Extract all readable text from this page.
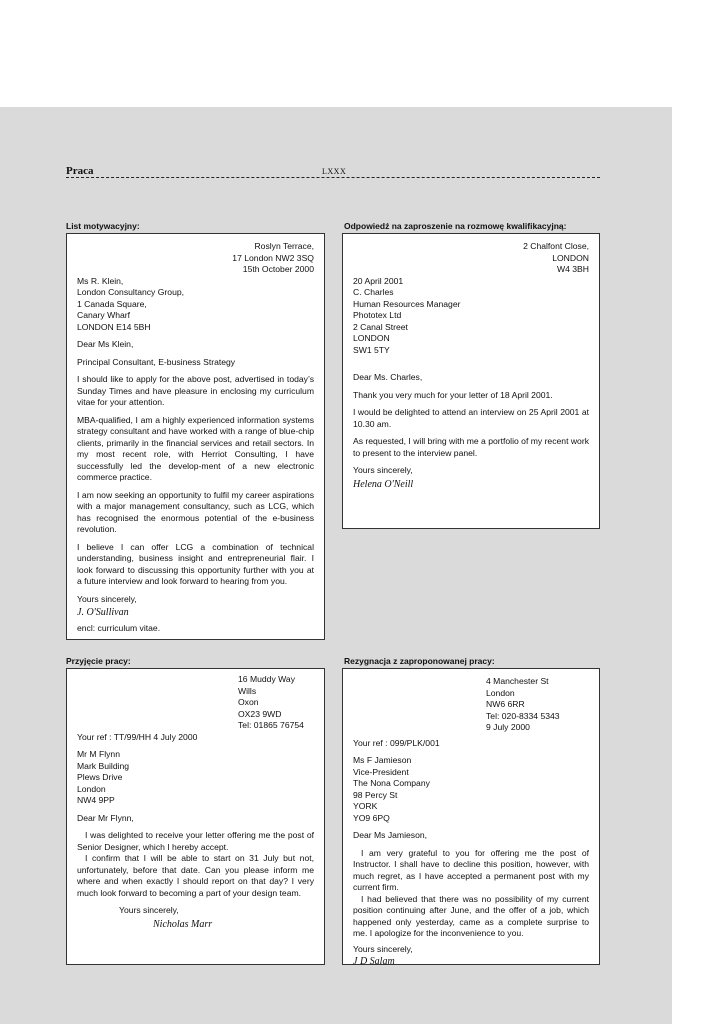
Praca	LXXX
List motywacyjny:

Roslyn Terrace,

17 London NW2 3SQ

15th October 2000

Ms R. Klein,

London Consultancy Group,

1 Canada Square,

Canary Wharf

LONDON E14 5BH

Dear Ms Klein,

Principal Consultant, E-business Strategy

I should like to apply for the above post, advertised in today’s Sunday Times and have pleasure in enclosing my curriculum vitae for your attention.

MBA-qualified, I am a highly experienced information systems strategy consultant and have worked with a range of blue-chip clients, primarily in the financial services and retail sectors. In my most recent role, with Herriot Consulting, I have successfully led the develop-ment of a new electronic commerce practice.

I am now seeking an opportunity to fulfil my career aspirations with a major management consultancy, such as LCG, which has recognised the enormous potential of the e-business revolution.

I believe I can offer LCG a combination of technical understanding, business insight and entrepreneurial flair. I look forward to discussing this opportunity further with you at a future interview and look forward to hearing from you.

Yours sincerely,

J. O'Sullivan

encl: curriculum vitae.

Odpowiedź na zaproszenie na rozmowę kwalifikacyjną:

2 Chalfont Close,

LONDON

W4 3BH

20 April 2001

C. Charles

Human Resources Manager

Phototex Ltd

2 Canal Street

LONDON

SW1 5TY

Dear Ms. Charles,

Thank you very much for your letter of 18 April 2001.

I would be delighted to attend an interview on 25 April 2001 at 10.30 am.

As requested, I will bring with me a portfolio of my recent work to present to the interview panel.

Yours sincerely,

Helena O'Neill

Przyjęcie pracy:

16 Muddy Way

Wills

Oxon

OX23 9WD

Tel: 01865 76754

Your ref : TT/99/HH 4 July 2000

Mr M Flynn

Mark Building

Plews Drive

London

NW4 9PP

Dear Mr Flynn,

I was delighted to receive your letter offering me the post of Senior Designer, which I hereby accept.

I confirm that I will be able to start on 31 July but not, unfortunately, before that date. Can you please inform me where and when exactly I should report on that day? I very much look forward to becoming a part of your design team.

Yours sincerely,

Nicholas Marr

Rezygnacja z zaproponowanej pracy:

4 Manchester St

London

NW6 6RR

Tel: 020-8334 5343

9 July 2000

Your ref : 099/PLK/001

Ms F Jamieson

Vice-President

The Nona Company

98 Percy St

YORK

YO9 6PQ

Dear Ms Jamieson,

I am very grateful to you for offering me the post of Instructor. I shall have to decline this position, however, with much regret, as I have accepted a permanent post with my current firm.

I had believed that there was no possibility of my current position continuing after June, and the offer of a job, which happened only yesterday, came as a complete surprise to me. I apologize for the inconvenience to you.

Yours sincerely,

J D Salam
